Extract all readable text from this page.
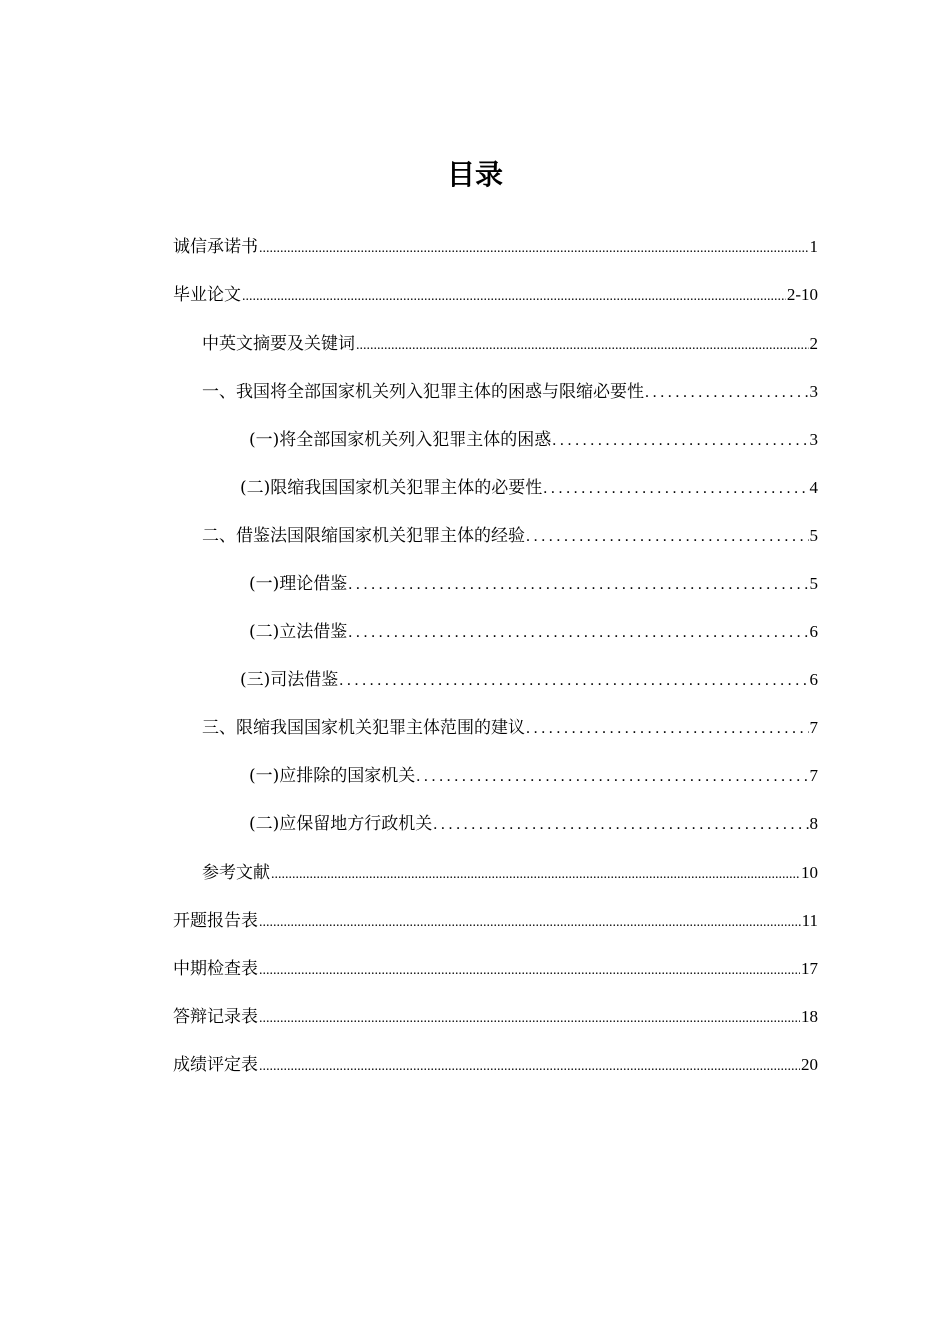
目录
诚信承诺书 .....	1
毕业论文 .....	2-10
中英文摘要及关键词 .....	2
一、我国将全部国家机关列入犯罪主体的困惑与限缩必要性 .....	3
(一)将全部国家机关列入犯罪主体的困惑 .....	3
(二)限缩我国国家机关犯罪主体的必要性 .....	4
二、借鉴法国限缩国家机关犯罪主体的经验 .....	5
(一)理论借鉴 .....	5
(二)立法借鉴 .....	6
(三)司法借鉴 .....	6
三、限缩我国国家机关犯罪主体范围的建议 .....	7
(一)应排除的国家机关 .....	7
(二)应保留地方行政机关 .....	8
参考文献 .....	10
开题报告表 .....	11
中期检查表 .....	17
答辩记录表 .....	18
成绩评定表 .....	20
